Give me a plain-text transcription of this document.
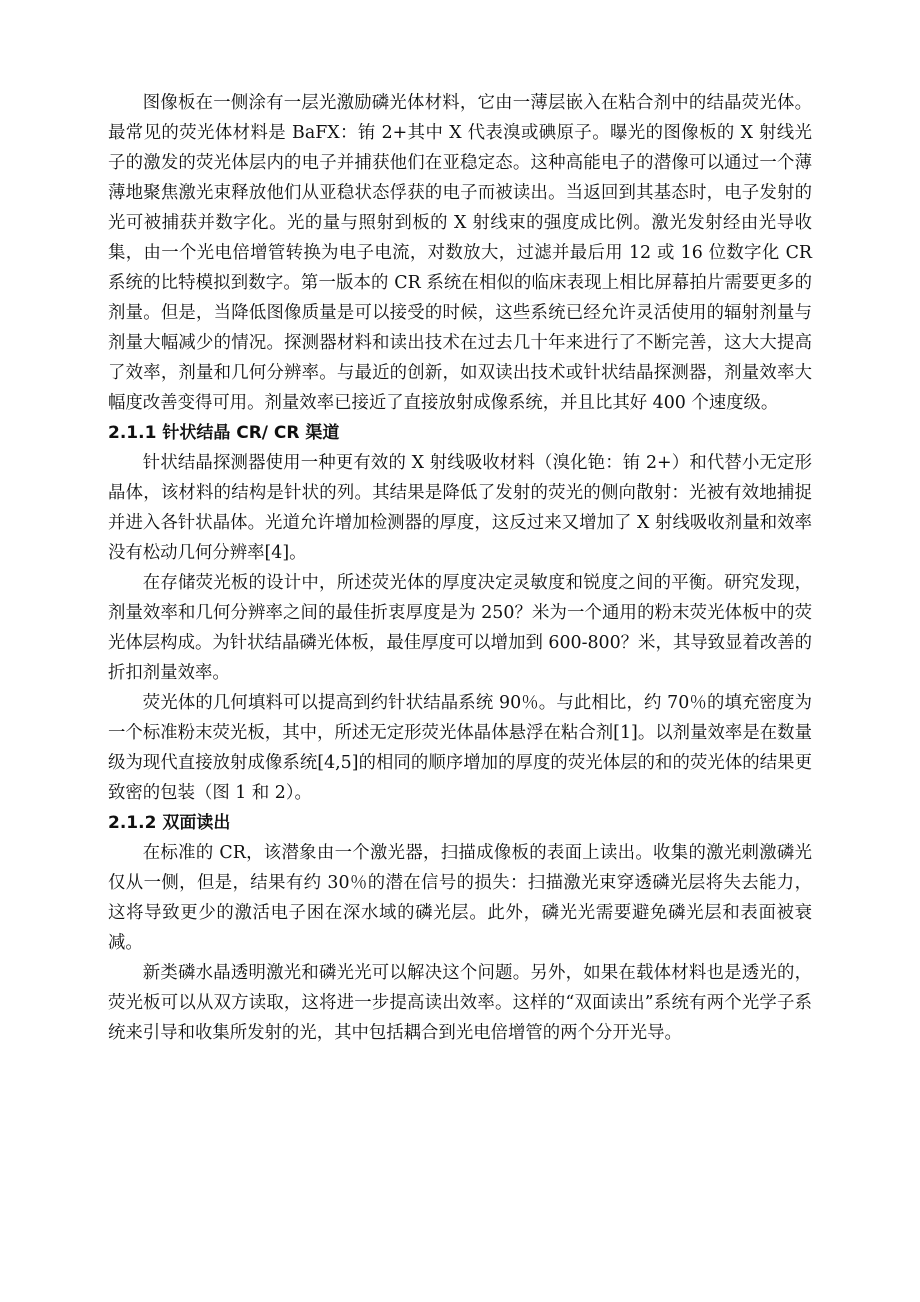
图像板在一侧涂有一层光激励磷光体材料，它由一薄层嵌入在粘合剂中的结晶荧光体。最常见的荧光体材料是 BaFX：铕 2+其中 X 代表溴或碘原子。曝光的图像板的 X 射线光子的激发的荧光体层内的电子并捕获他们在亚稳定态。这种高能电子的潜像可以通过一个薄薄地聚焦激光束释放他们从亚稳状态俘获的电子而被读出。当返回到其基态时，电子发射的光可被捕获并数字化。光的量与照射到板的 X 射线束的强度成比例。激光发射经由光导收集，由一个光电倍增管转换为电子电流，对数放大，过滤并最后用 12 或 16 位数字化 CR 系统的比特模拟到数字。第一版本的 CR 系统在相似的临床表现上相比屏幕拍片需要更多的剂量。但是，当降低图像质量是可以接受的时候，这些系统已经允许灵活使用的辐射剂量与剂量大幅减少的情况。探测器材料和读出技术在过去几十年来进行了不断完善，这大大提高了效率，剂量和几何分辨率。与最近的创新，如双读出技术或针状结晶探测器，剂量效率大幅度改善变得可用。剂量效率已接近了直接放射成像系统，并且比其好 400 个速度级。

2.1.1 针状结晶 CR/ CR 渠道

针状结晶探测器使用一种更有效的 X 射线吸收材料（溴化铯：铕 2+）和代替小无定形晶体，该材料的结构是针状的列。其结果是降低了发射的荧光的侧向散射：光被有效地捕捉并进入各针状晶体。光道允许增加检测器的厚度，这反过来又增加了 X 射线吸收剂量和效率没有松动几何分辨率[4]。

在存储荧光板的设计中，所述荧光体的厚度决定灵敏度和锐度之间的平衡。研究发现，剂量效率和几何分辨率之间的最佳折衷厚度是为 250？米为一个通用的粉末荧光体板中的荧光体层构成。为针状结晶磷光体板，最佳厚度可以增加到 600-800？米，其导致显着改善的折扣剂量效率。

荧光体的几何填料可以提高到约针状结晶系统 90％。与此相比，约 70％的填充密度为一个标准粉末荧光板，其中，所述无定形荧光体晶体悬浮在粘合剂[1]。以剂量效率是在数量级为现代直接放射成像系统[4,5]的相同的顺序增加的厚度的荧光体层的和的荧光体的结果更致密的包装（图 1 和 2）。

2.1.2 双面读出

在标准的 CR，该潜象由一个激光器，扫描成像板的表面上读出。收集的激光刺激磷光仅从一侧，但是，结果有约 30％的潜在信号的损失：扫描激光束穿透磷光层将失去能力，这将导致更少的激活电子困在深水域的磷光层。此外，磷光光需要避免磷光层和表面被衰减。

新类磷水晶透明激光和磷光光可以解决这个问题。另外，如果在载体材料也是透光的，荧光板可以从双方读取，这将进一步提高读出效率。这样的“双面读出”系统有两个光学子系统来引导和收集所发射的光，其中包括耦合到光电倍增管的两个分开光导。
